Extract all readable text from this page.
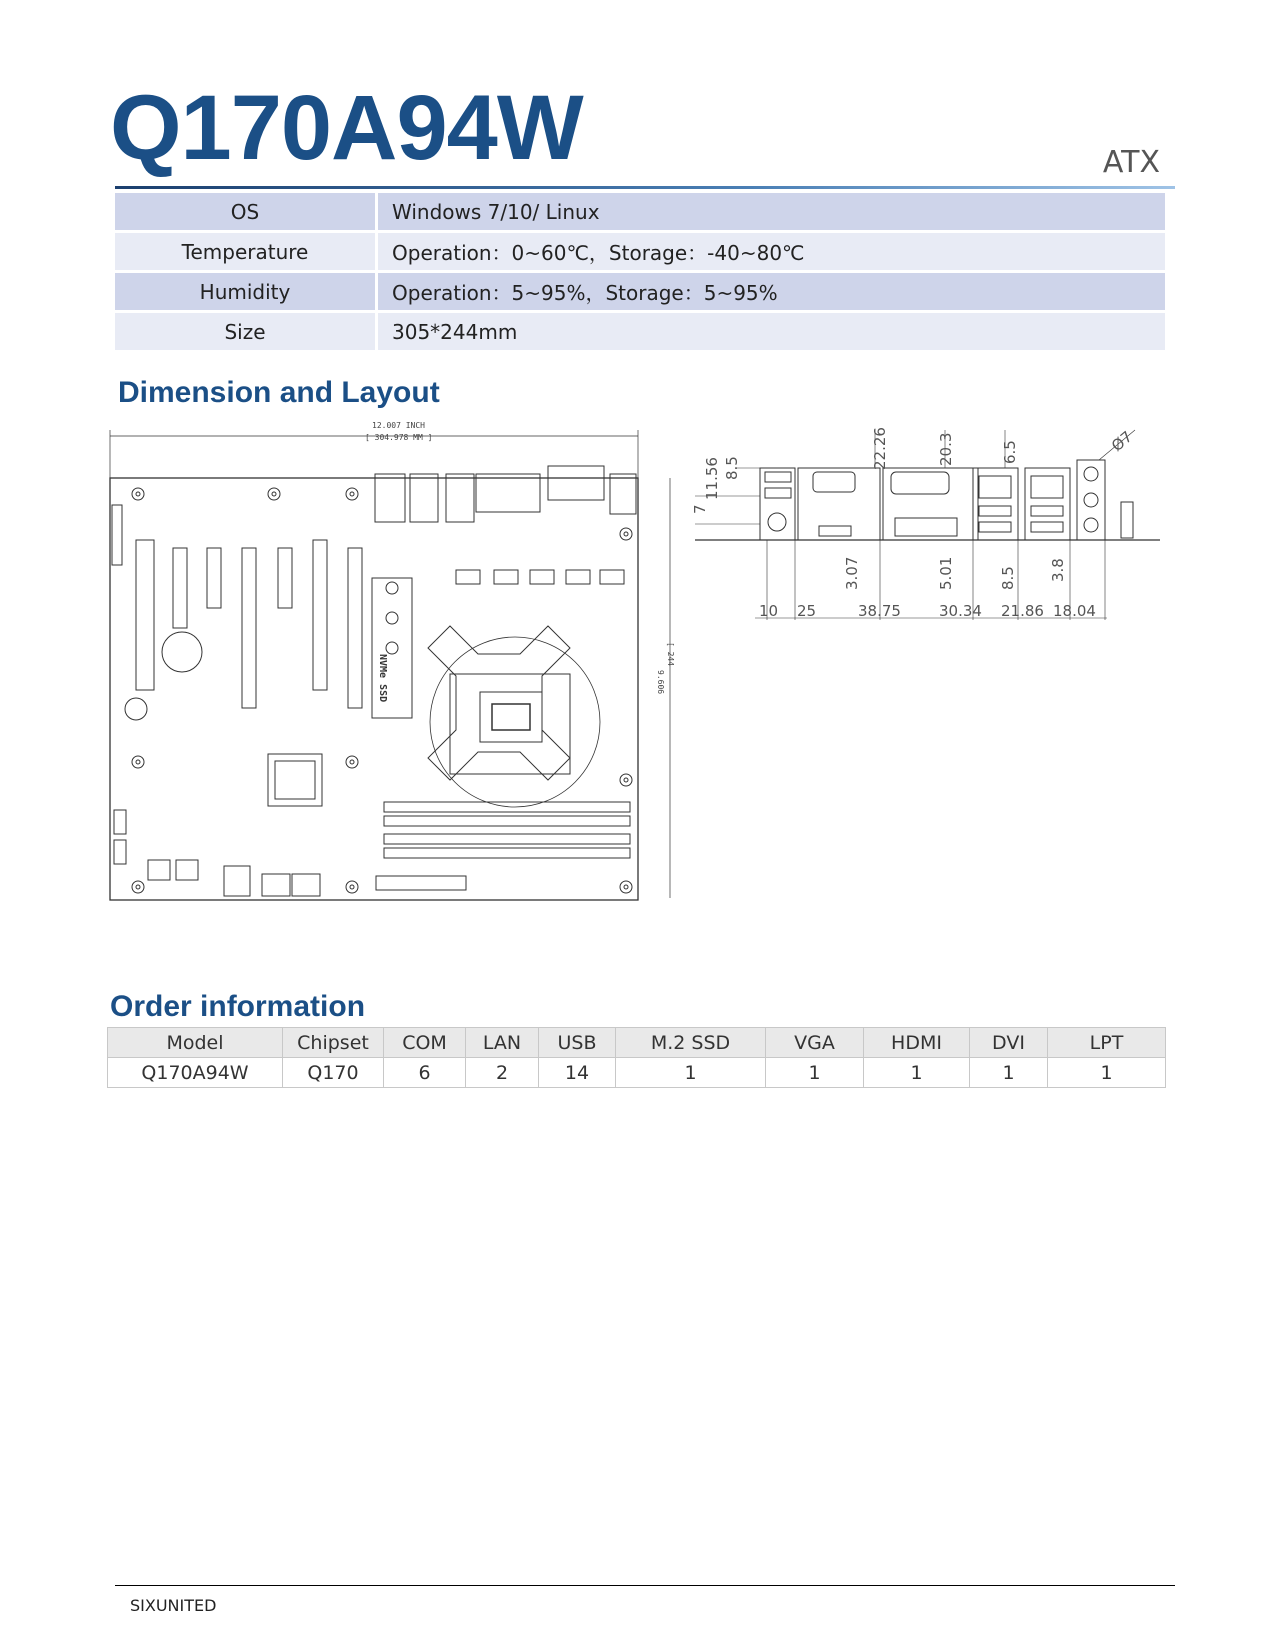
Q170A94W	ATX
OS	Windows 7/10/ Linux
Temperature	Operation：0~60℃，Storage：-40~80℃
Humidity	Operation：5~95%，Storage：5~95%
Size	305*244mm
Dimension and Layout
12.007 INCH
[ 304.978 MM ]
9.606
[ 244
NVMe SSD
7
11.56 8.5	22.26	20.3	6.5	Ø7
3.07	5.01	8.5 3.8
10 25	38.75	30.34 21.86 18.04
Order information
Model	Chipset	COM	LAN	USB	M.2 SSD	VGA	HDMI	DVI	LPT
Q170A94W	Q170	6	2	14	1	1	1	1	1
SIXUNITED
